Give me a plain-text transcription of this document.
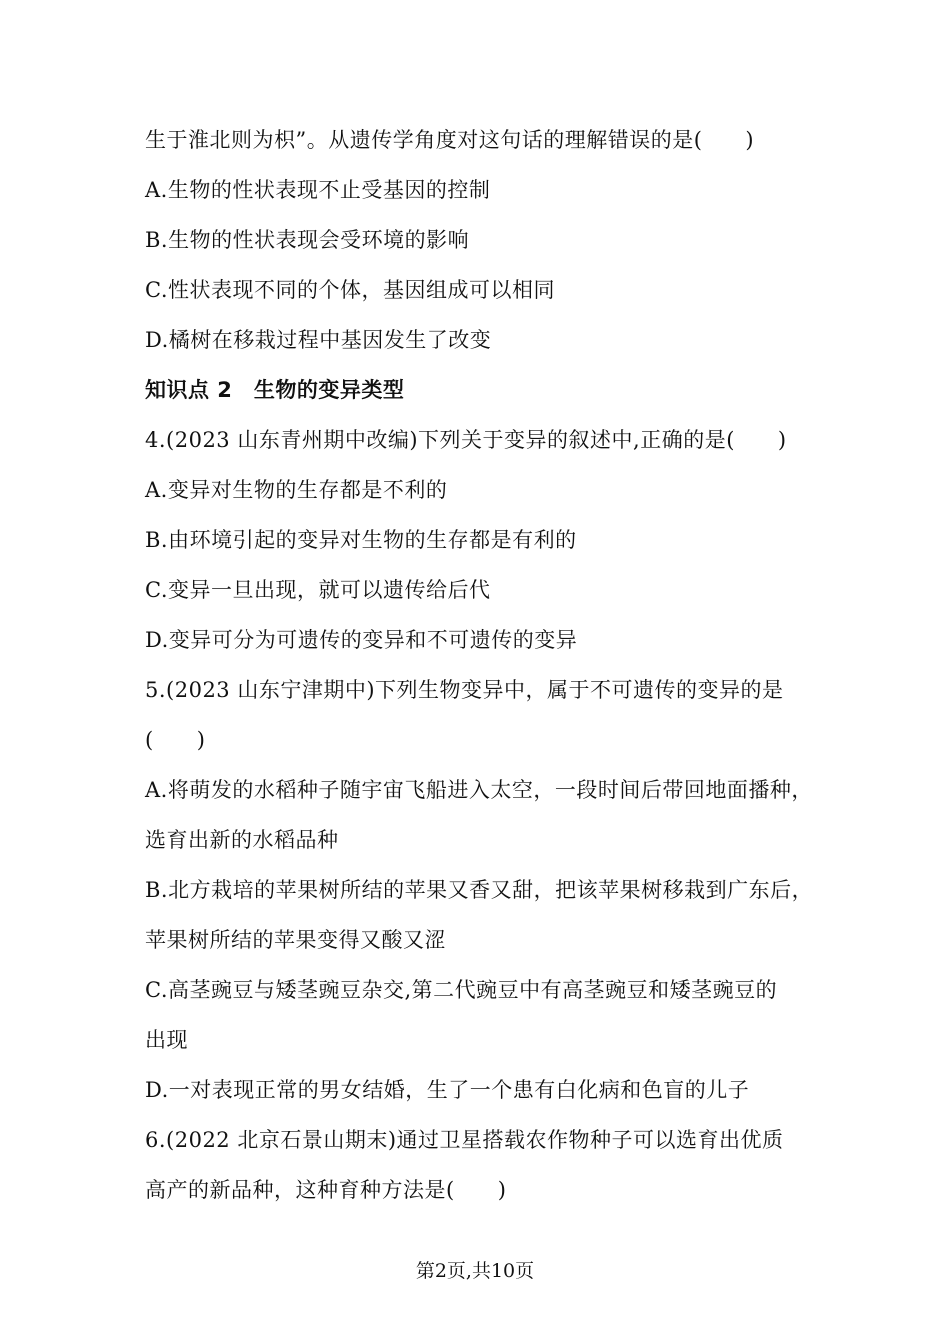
生于淮北则为枳”。从遗传学角度对这句话的理解错误的是(　　)
A.生物的性状表现不止受基因的控制
B.生物的性状表现会受环境的影响
C.性状表现不同的个体，基因组成可以相同
D.橘树在移栽过程中基因发生了改变
知识点 2　生物的变异类型
4.(2023 山东青州期中改编)下列关于变异的叙述中,正确的是(　　)
A.变异对生物的生存都是不利的
B.由环境引起的变异对生物的生存都是有利的
C.变异一旦出现，就可以遗传给后代
D.变异可分为可遗传的变异和不可遗传的变异
5.(2023 山东宁津期中)下列生物变异中，属于不可遗传的变异的是
(　　)
A.将萌发的水稻种子随宇宙飞船进入太空，一段时间后带回地面播种，
选育出新的水稻品种
B.北方栽培的苹果树所结的苹果又香又甜，把该苹果树移栽到广东后，
苹果树所结的苹果变得又酸又涩
C.高茎豌豆与矮茎豌豆杂交,第二代豌豆中有高茎豌豆和矮茎豌豆的
出现
D.一对表现正常的男女结婚，生了一个患有白化病和色盲的儿子
6.(2022 北京石景山期末)通过卫星搭载农作物种子可以选育出优质
高产的新品种，这种育种方法是(　　)
第2页,共10页
